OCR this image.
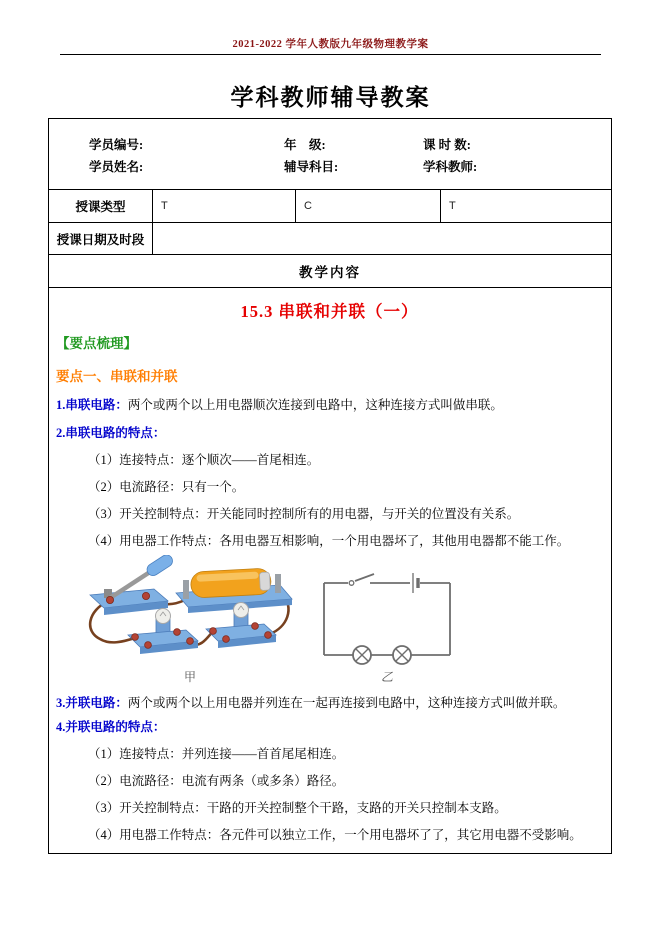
2021-2022 学年人教版九年级物理教学案
学科教师辅导教案
学员编号:	年　级:	课 时 数:
学员姓名:	辅导科目:	学科教师:
授课类型	T	C	T
授课日期及时段
教学内容
15.3 串联和并联（一）
【要点梳理】
要点一、串联和并联
1.串联电路：两个或两个以上用电器顺次连接到电路中，这种连接方式叫做串联。
2.串联电路的特点：
（1）连接特点：逐个顺次——首尾相连。
（2）电流路径：只有一个。
（3）开关控制特点：开关能同时控制所有的用电器，与开关的位置没有关系。
（4）用电器工作特点：各用电器互相影响，一个用电器坏了，其他用电器都不能工作。
甲	乙
3.并联电路：两个或两个以上用电器并列连在一起再连接到电路中，这种连接方式叫做并联。
4.并联电路的特点：
（1）连接特点：并列连接——首首尾尾相连。
（2）电流路径：电流有两条（或多条）路径。
（3）开关控制特点：干路的开关控制整个干路，支路的开关只控制本支路。
（4）用电器工作特点：各元件可以独立工作，一个用电器坏了了，其它用电器不受影响。
